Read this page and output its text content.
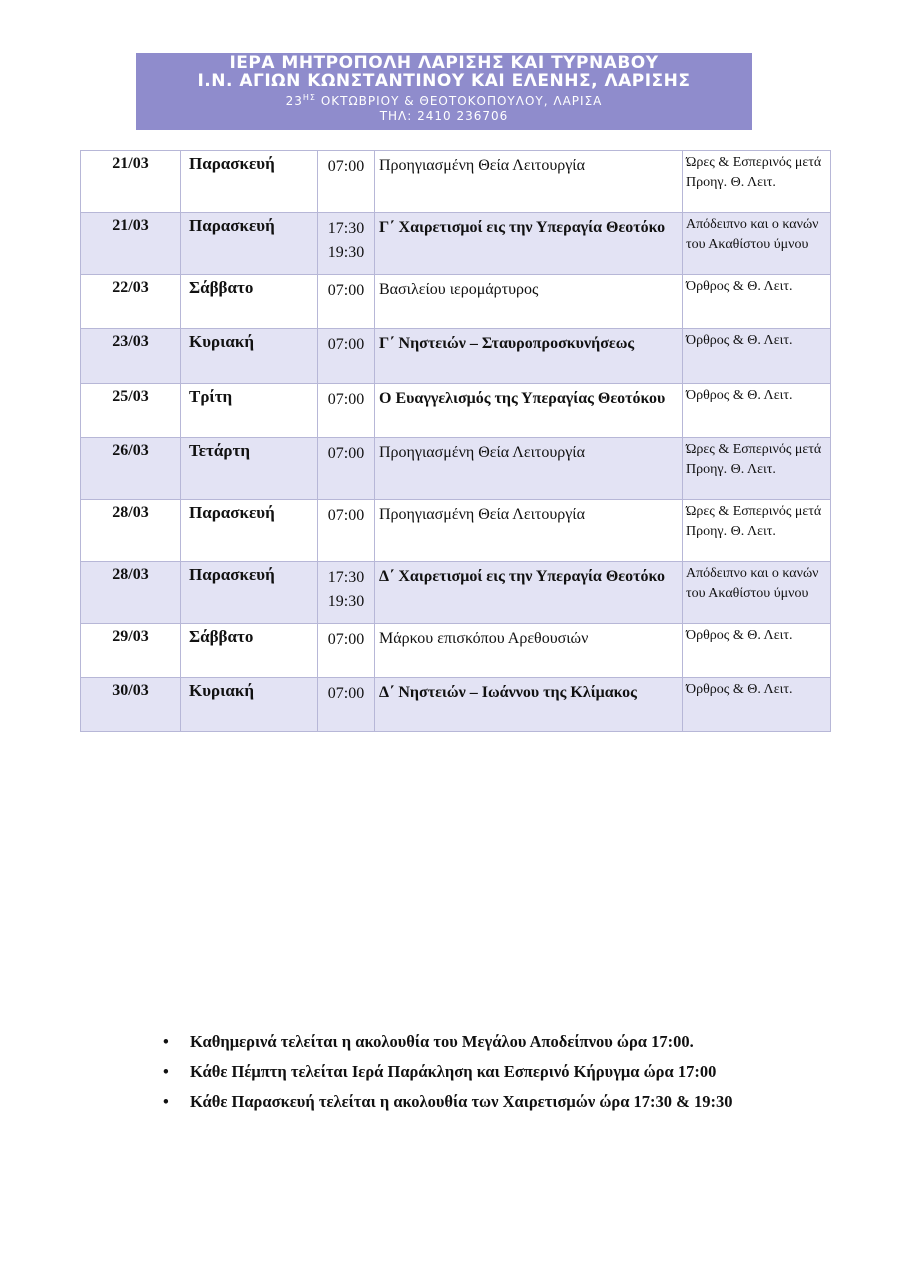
ΙΕΡΑ ΜΗΤΡΟΠΟΛΗ ΛΑΡΙΣΗΣ ΚΑΙ ΤΥΡΝΑΒΟΥ
Ι.Ν. ΑΓΙΩΝ ΚΩΝΣΤΑΝΤΙΝΟΥ ΚΑΙ ΕΛΕΝΗΣ, ΛΑΡΙΣΗΣ
$23^{H\Sigma}$ ΟΚΤΩΒΡΙΟΥ & ΘΕΟΤΟΚΟΠΟΥΛΟΥ, ΛΑΡΙΣΑ
ΤΗΛ: 2410 236706
21/03	Παρασκευή	07:00	Προηγιασμένη Θεία Λειτουργία	Ώρες & Εσπερινός μετά Προηγ. Θ. Λειτ.
21/03	Παρασκευή	17:30
19:30	Γ΄ Χαιρετισμοί εις την Υπεραγία Θεοτόκο	Απόδειπνο και ο κανών του Ακαθίστου ύμνου
22/03	Σάββατο	07:00	Βασιλείου ιερομάρτυρος	Όρθρος & Θ. Λειτ.
23/03	Κυριακή	07:00	Γ΄ Νηστειών – Σταυροπροσκυνήσεως	Όρθρος & Θ. Λειτ.
25/03	Τρίτη	07:00	Ο Ευαγγελισμός της Υπεραγίας Θεοτόκου	Όρθρος & Θ. Λειτ.
26/03	Τετάρτη	07:00	Προηγιασμένη Θεία Λειτουργία	Ώρες & Εσπερινός μετά Προηγ. Θ. Λειτ.
28/03	Παρασκευή	07:00	Προηγιασμένη Θεία Λειτουργία	Ώρες & Εσπερινός μετά Προηγ. Θ. Λειτ.
28/03	Παρασκευή	17:30
19:30	Δ΄ Χαιρετισμοί εις την Υπεραγία Θεοτόκο	Απόδειπνο και ο κανών του Ακαθίστου ύμνου
29/03	Σάββατο	07:00	Μάρκου επισκόπου Αρεθουσιών	Όρθρος & Θ. Λειτ.
30/03	Κυριακή	07:00	Δ΄ Νηστειών – Ιωάννου της Κλίμακος	Όρθρος & Θ. Λειτ.
• Καθημερινά τελείται η ακολουθία του Μεγάλου Αποδείπνου ώρα 17:00.
• Κάθε Πέμπτη τελείται Ιερά Παράκληση και Εσπερινό Κήρυγμα ώρα 17:00
• Κάθε Παρασκευή τελείται η ακολουθία των Χαιρετισμών ώρα 17:30 & 19:30
